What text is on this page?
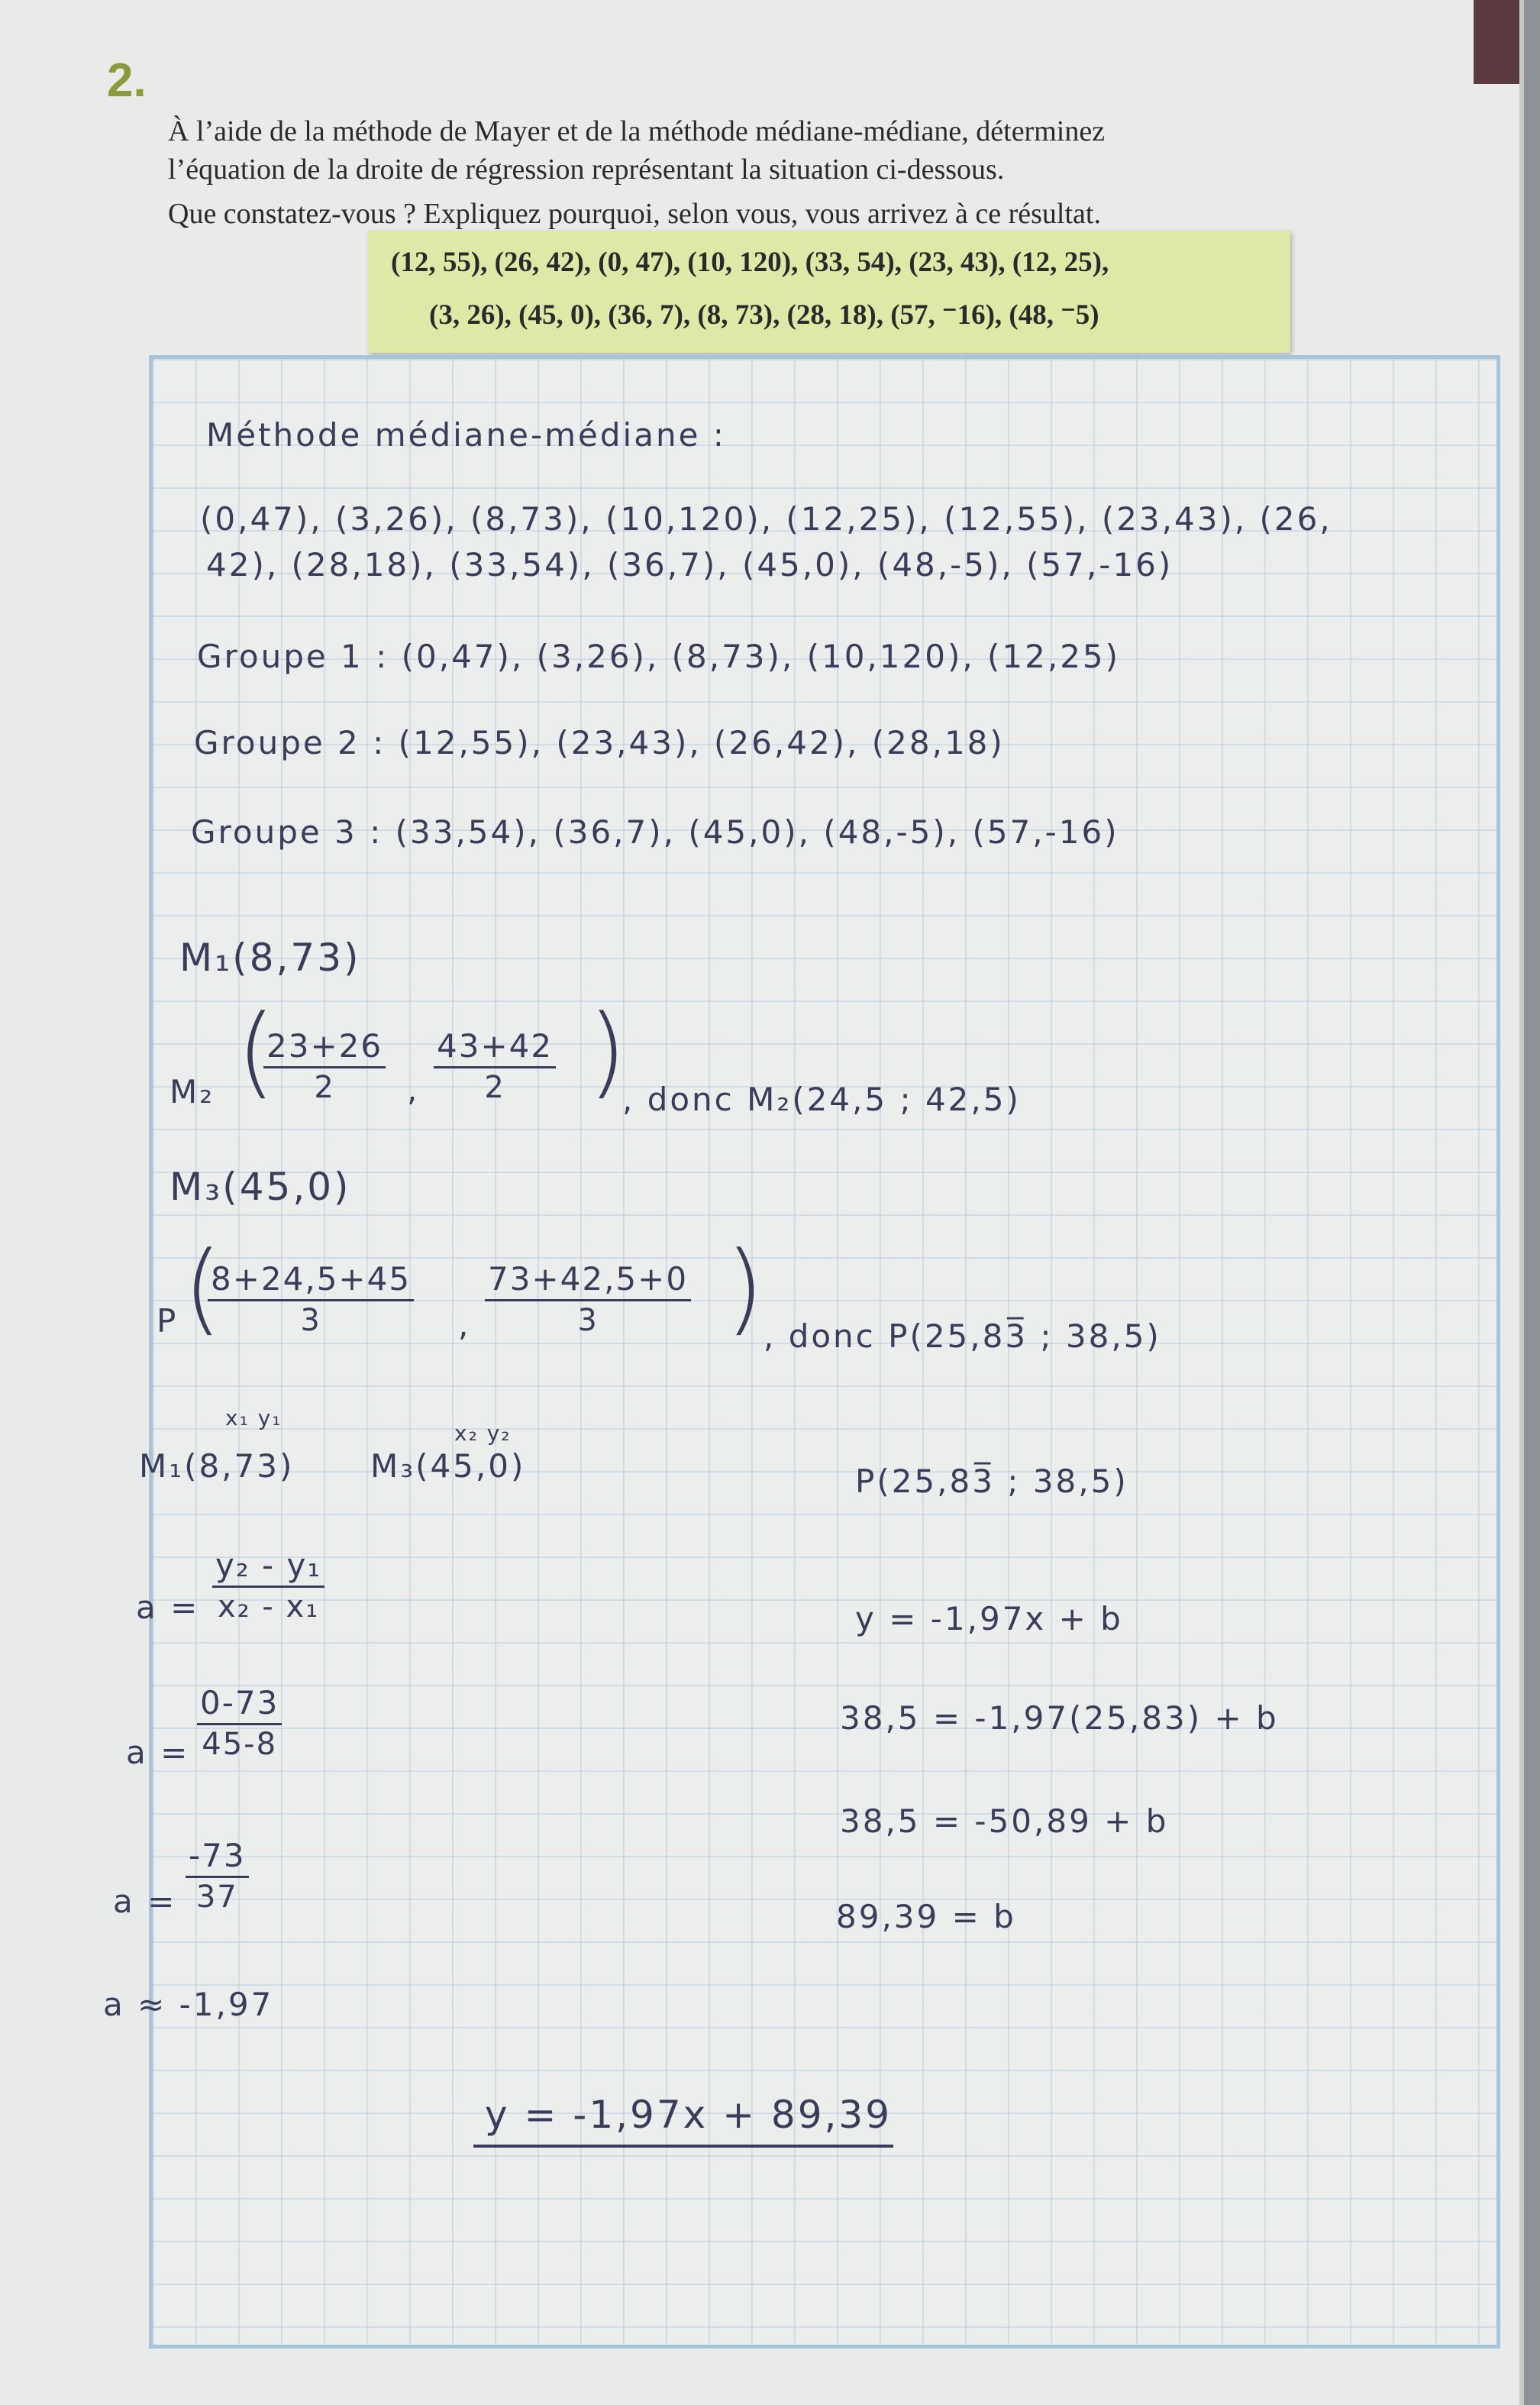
2.
À l’aide de la méthode de Mayer et de la méthode médiane-médiane, déterminez
l’équation de la droite de régression représentant la situation ci-dessous.
Que constatez-vous ? Expliquez pourquoi, selon vous, vous arrivez à ce résultat.
(12, 55), (26, 42), (0, 47), (10, 120), (33, 54), (23, 43), (12, 25),
(3, 26), (45, 0), (36, 7), (8, 73), (28, 18), (57, ⁻16), (48, ⁻5)
Méthode médiane-médiane :
(0,47), (3,26), (8,73), (10,120), (12,25), (12,55), (23,43), (26,
42), (28,18), (33,54), (36,7), (45,0), (48,-5), (57,-16)
Groupe 1 : (0,47), (3,26), (8,73), (10,120), (12,25)
Groupe 2 : (12,55), (23,43), (26,42), (28,18)
Groupe 3 : (33,54), (36,7), (45,0), (48,-5), (57,-16)
M₁(8,73)
M₂ (
$\frac{23+26}{2}$ , $\frac{43+42}{2}$ )
, donc M₂(24,5 ; 42,5)
M₃(45,0)
P (
$\frac{8+24,5+45}{3}$ , $\frac{73+42,5+0}{3}$ ) , donc P(25,83̅ ; 38,5)
x₁ y₁
x₂ y₂
M₁(8,73) M₃(45,0)	P(25,83̅ ; 38,5)
$a = \frac{\text{y₂ - y₁}}{\text{x₂ - x₁}}$	y = -1,97x + b
$a = \frac{0-73}{45-8}$	38,5 = -1,97(25,83) + b
38,5 = -50,89 + b
$a = \frac{-73}{37}$
89,39 = b
a ≈ -1,97
y = -1,97x + 89,39
